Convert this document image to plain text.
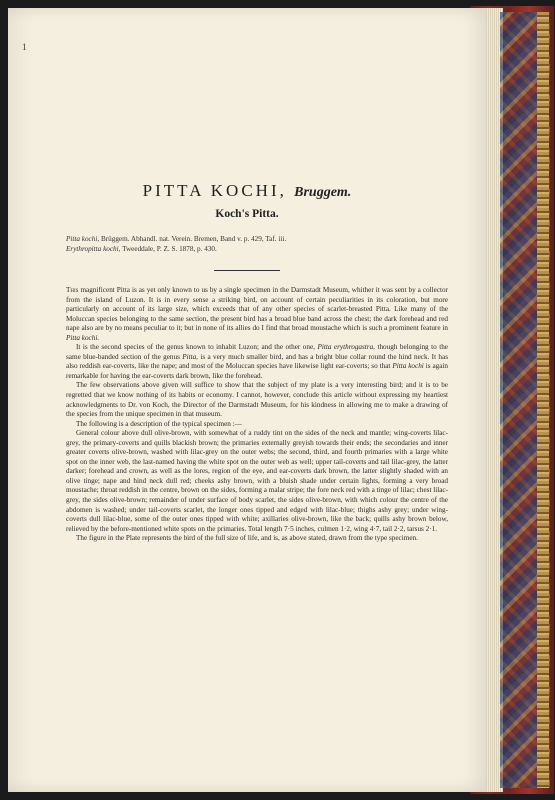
1
PITTA KOCHI, Bruggem.
Koch's Pitta.
Pitta kochi, Brüggem. Abhandl. nat. Verein. Bremen, Band v. p. 429, Taf. iii.
Erythropitta kochi, Tweeddale, P. Z. S. 1878, p. 430.

This magnificent Pitta is as yet only known to us by a single specimen in the Darmstadt Museum, whither it was sent by a collector from the island of Luzon. It is in every sense a striking bird, on account of certain peculiarities in its coloration, but more particularly on account of its large size, which exceeds that of any other species of scarlet-breasted Pitta. Like many of the Moluccan species belonging to the same section, the present bird has a broad blue band across the chest; the dark forehead and red nape also are by no means peculiar to it; but in none of its allies do I find that broad moustache which is such a prominent feature in Pitta kochi.

It is the second species of the genus known to inhabit Luzon; and the other one, Pitta erythrogastra, though belonging to the same blue-banded section of the genus Pitta, is a very much smaller bird, and has a bright blue collar round the hind neck. It has also reddish ear-coverts, like the nape; and most of the Moluccan species have likewise light ear-coverts; so that Pitta kochi is again remarkable for having the ear-coverts dark brown, like the forehead.

The few observations above given will suffice to show that the subject of my plate is a very interesting bird; and it is to be regretted that we know nothing of its habits or economy. I cannot, however, conclude this article without expressing my heartiest acknowledgments to Dr. von Koch, the Director of the Darmstadt Museum, for his kindness in allowing me to make a drawing of the species from the unique specimen in that museum.

The following is a description of the typical specimen :—

General colour above dull olive-brown, with somewhat of a ruddy tint on the sides of the neck and mantle; wing-coverts lilac-grey, the primary-coverts and quills blackish brown; the primaries externally greyish towards their ends; the secondaries and inner greater coverts olive-brown, washed with lilac-grey on the outer webs; the second, third, and fourth primaries with a large white spot on the inner web, the last-named having the white spot on the outer web as well; upper tail-coverts and tail lilac-grey, the latter darker; forehead and crown, as well as the lores, region of the eye, and ear-coverts dark brown, the latter slightly shaded with an olive tinge; nape and hind neck dull red; cheeks ashy brown, with a bluish shade under certain lights, forming a very broad moustache; throat reddish in the centre, brown on the sides, forming a malar stripe; the fore neck red with a tinge of lilac; chest lilac-grey, the sides olive-brown; remainder of under surface of body scarlet, the sides olive-brown, with which colour the centre of the abdomen is washed; under tail-coverts scarlet, the longer ones tipped and edged with lilac-blue; thighs ashy grey; under wing-coverts dull lilac-blue, some of the outer ones tipped with white; axillaries olive-brown, like the back; quills ashy brown below, relieved by the before-mentioned white spots on the primaries. Total length 7·5 inches, culmen 1·2, wing 4·7, tail 2·2, tarsus 2·1.

The figure in the Plate represents the bird of the full size of life, and is, as above stated, drawn from the type specimen.
